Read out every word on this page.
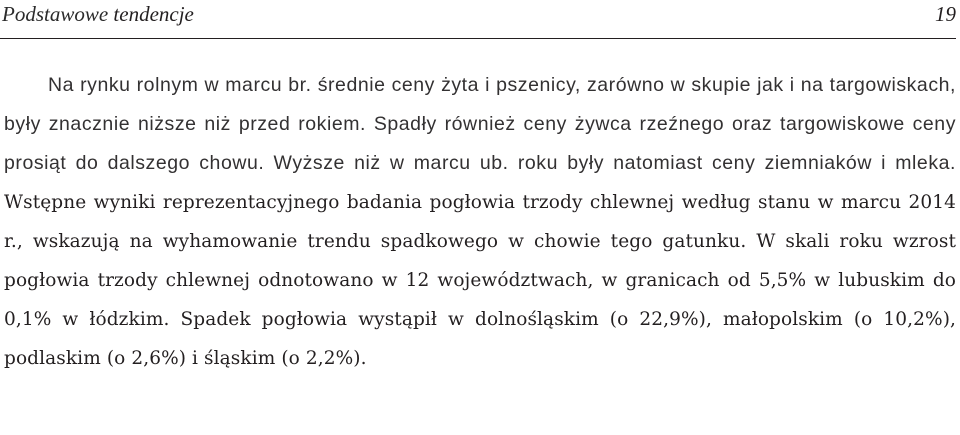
Podstawowe tendencje	19

Na rynku rolnym w marcu br. średnie ceny żyta i pszenicy, zarówno w skupie jak i na targowiskach, były znacznie niższe niż przed rokiem. Spadły również ceny żywca rzeźnego oraz targowiskowe ceny prosiąt do dalszego chowu. Wyższe niż w marcu ub. roku były natomiast ceny ziemniaków i mleka. Wstępne wyniki reprezentacyjnego badania pogłowia trzody chlewnej według stanu w marcu 2014 r., wskazują na wyhamowanie trendu spadkowego w chowie tego gatunku. W skali roku wzrost pogłowia trzody chlewnej odnotowano w 12 województwach, w granicach od 5,5% w lubuskim do 0,1% w łódzkim. Spadek pogłowia wystąpił w dolnośląskim (o 22,9%), małopolskim (o 10,2%), podlaskim (o 2,6%) i śląskim (o 2,2%).
